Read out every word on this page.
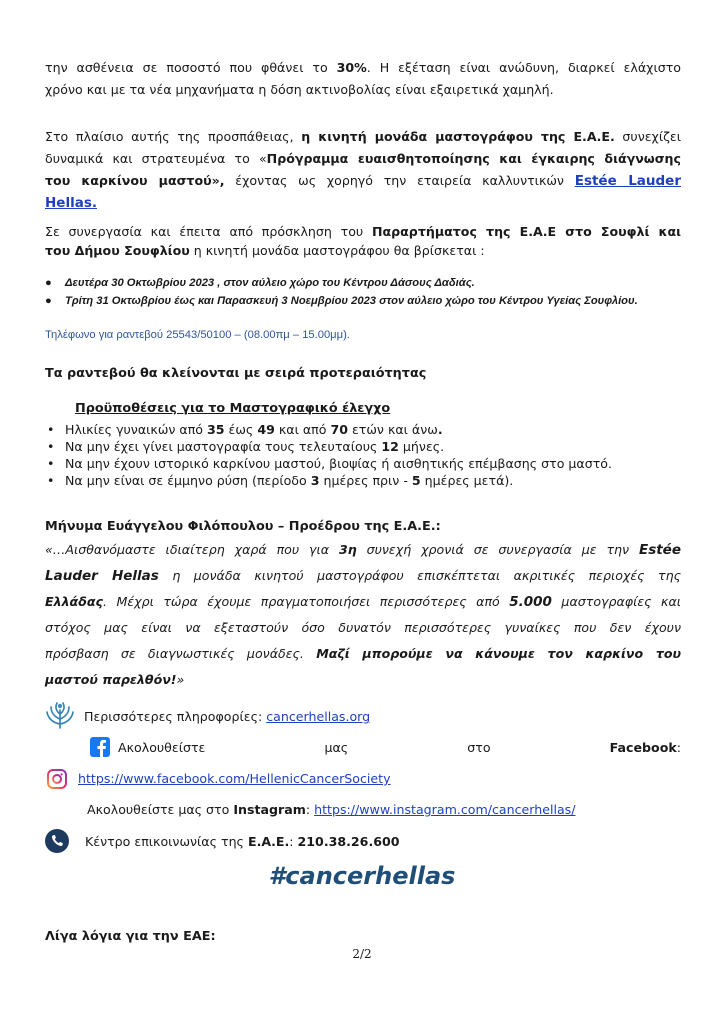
την ασθένεια σε ποσοστό που φθάνει το 30%. Η εξέταση είναι ανώδυνη, διαρκεί ελάχιστο
χρόνο και με τα νέα μηχανήματα η δόση ακτινοβολίας είναι εξαιρετικά χαμηλή.
Στο πλαίσιο αυτής της προσπάθειας, η κινητή μονάδα μαστογράφου της Ε.Α.Ε. συνεχίζει
δυναμικά και στρατευμένα το «Πρόγραμμα ευαισθητοποίησης και έγκαιρης διάγνωσης
του καρκίνου μαστού», έχοντας ως χορηγό την εταιρεία καλλυντικών Estée Lauder
Hellas.
Σε συνεργασία και έπειτα από πρόσκληση του Παραρτήματος της Ε.Α.Ε στο Σουφλί και
του Δήμου Σουφλίου η κινητή μονάδα μαστογράφου θα βρίσκεται :
● Δευτέρα 30 Οκτωβρίου 2023 , στον αύλειο χώρο του Κέντρου Δάσους Δαδιάς.
● Τρίτη 31 Οκτωβρίου έως και Παρασκευή 3 Νοεμβρίου 2023 στον αύλειο χώρο του Κέντρου Υγείας Σουφλίου.
Τηλέφωνο για ραντεβού 25543/50100 – (08.00πμ – 15.00μμ).
Τα ραντεβού θα κλείνονται με σειρά προτεραιότητας
Προϋποθέσεις για το Μαστογραφικό έλεγχο
• Ηλικίες γυναικών από 35 έως 49 και από 70 ετών και άνω.
• Να μην έχει γίνει μαστογραφία τους τελευταίους 12 μήνες.
• Να μην έχουν ιστορικό καρκίνου μαστού, βιοψίας ή αισθητικής επέμβασης στο μαστό.
• Να μην είναι σε έμμηνο ρύση (περίοδο 3 ημέρες πριν - 5 ημέρες μετά).
Μήνυμα Ευάγγελου Φιλόπουλου – Προέδρου της Ε.Α.Ε.:
«…Αισθανόμαστε ιδιαίτερη χαρά που για 3η συνεχή χρονιά σε συνεργασία με την Estée
Lauder Hellas η μονάδα κινητού μαστογράφου επισκέπτεται ακριτικές περιοχές της
Ελλάδας. Μέχρι τώρα έχουμε πραγματοποιήσει περισσότερες από 5.000 μαστογραφίες και
στόχος μας είναι να εξεταστούν όσο δυνατόν περισσότερες γυναίκες που δεν έχουν
πρόσβαση σε διαγνωστικές μονάδες. Μαζί μπορούμε να κάνουμε τον καρκίνο του
μαστού παρελθόν!»
Περισσότερες πληροφορίες: cancerhellas.org
Ακολουθείστε	μας	στο	Facebook:
https://www.facebook.com/HellenicCancerSociety
Ακολουθείστε μας στο Instagram: https://www.instagram.com/cancerhellas/
Κέντρο επικοινωνίας της Ε.Α.Ε.: 210.38.26.600
#cancerhellas
Λίγα λόγια για την ΕΑΕ:
2/2
